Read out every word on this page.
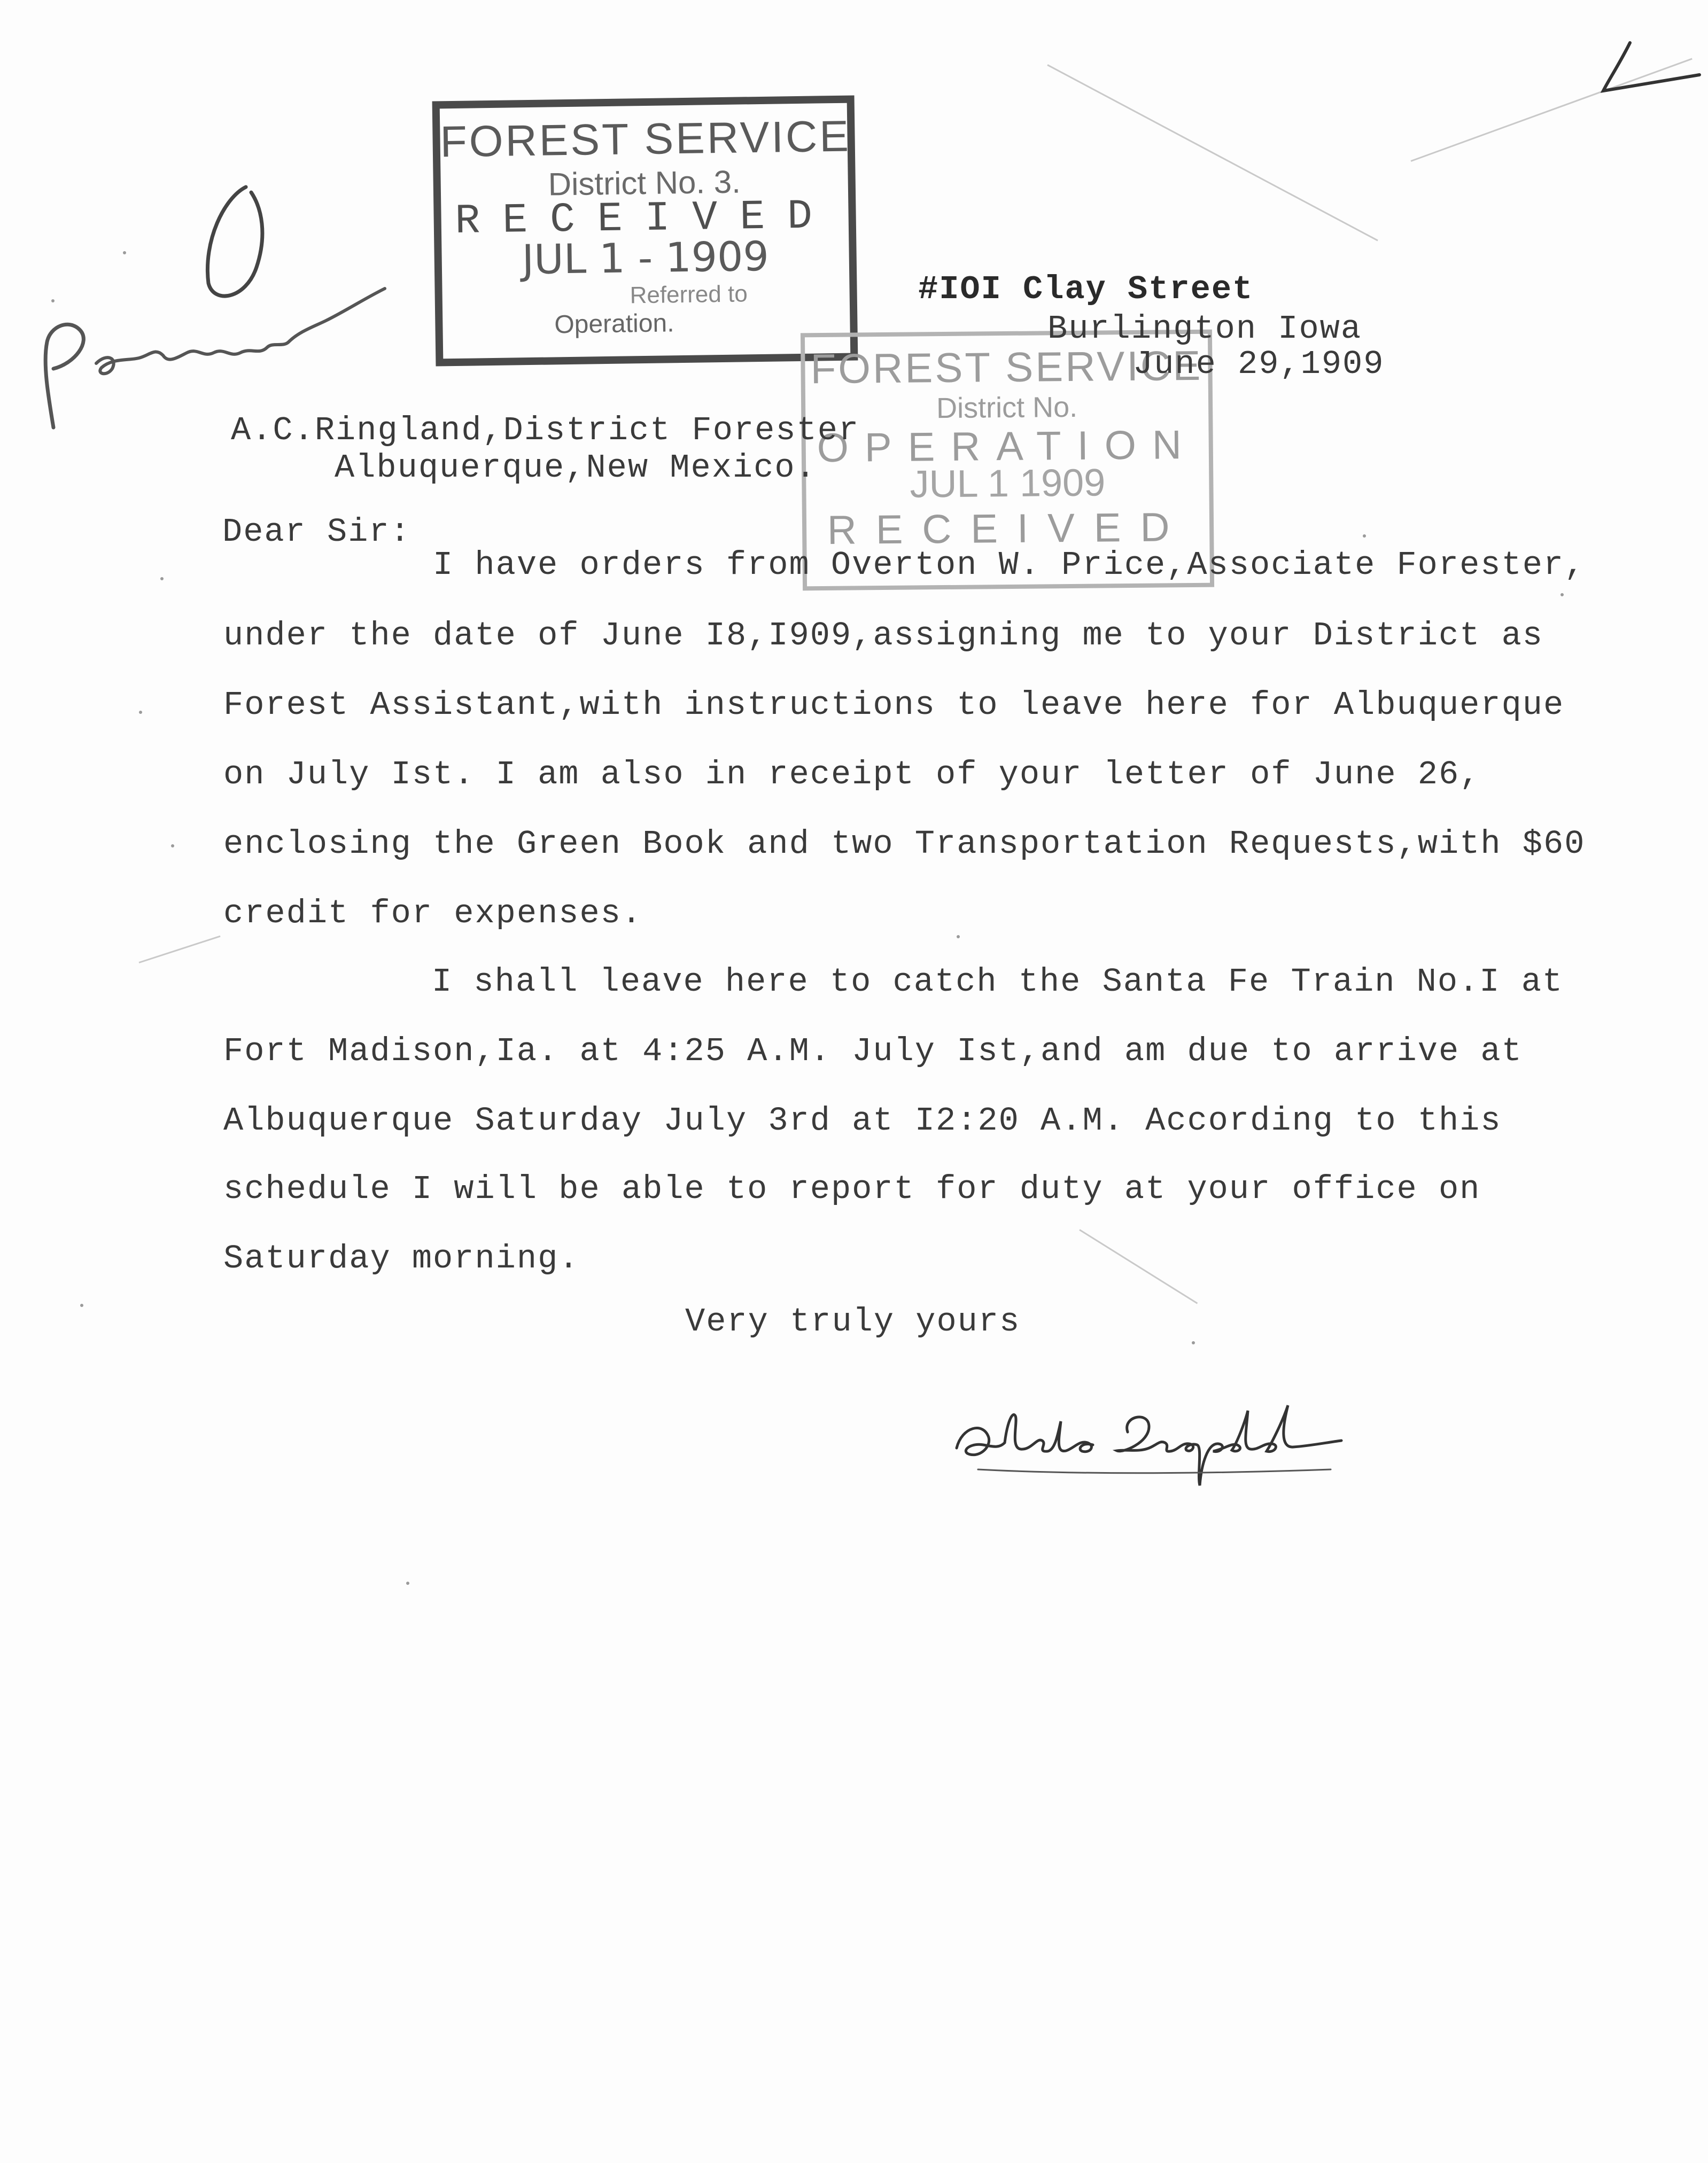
FOREST SERVICE
District No. 3.
RECEIVED
JUL 1 - 1909
Referred to
Operation.
FOREST SERVICE
District No.
OPERATION
JUL 1 1909
RECEIVED
#IOI Clay Street
Burlington Iowa
June 29,1909
A.C.Ringland,District Forester
Albuquerque,New Mexico.
Dear Sir:
I have orders from Overton W. Price,Associate Forester,
under the date of June I8,I909,assigning me to your District as
Forest Assistant,with instructions to leave here for Albuquerque
on July Ist. I am also in receipt of your letter of June 26,
enclosing the Green Book and two Transportation Requests,with $60
credit for expenses.
I shall leave here to catch the Santa Fe Train No.I at
Fort Madison,Ia. at 4:25 A.M. July Ist,and am due to arrive at
Albuquerque Saturday July 3rd at I2:20 A.M. According to this
schedule I will be able to report for duty at your office on
Saturday morning.
Very truly yours
